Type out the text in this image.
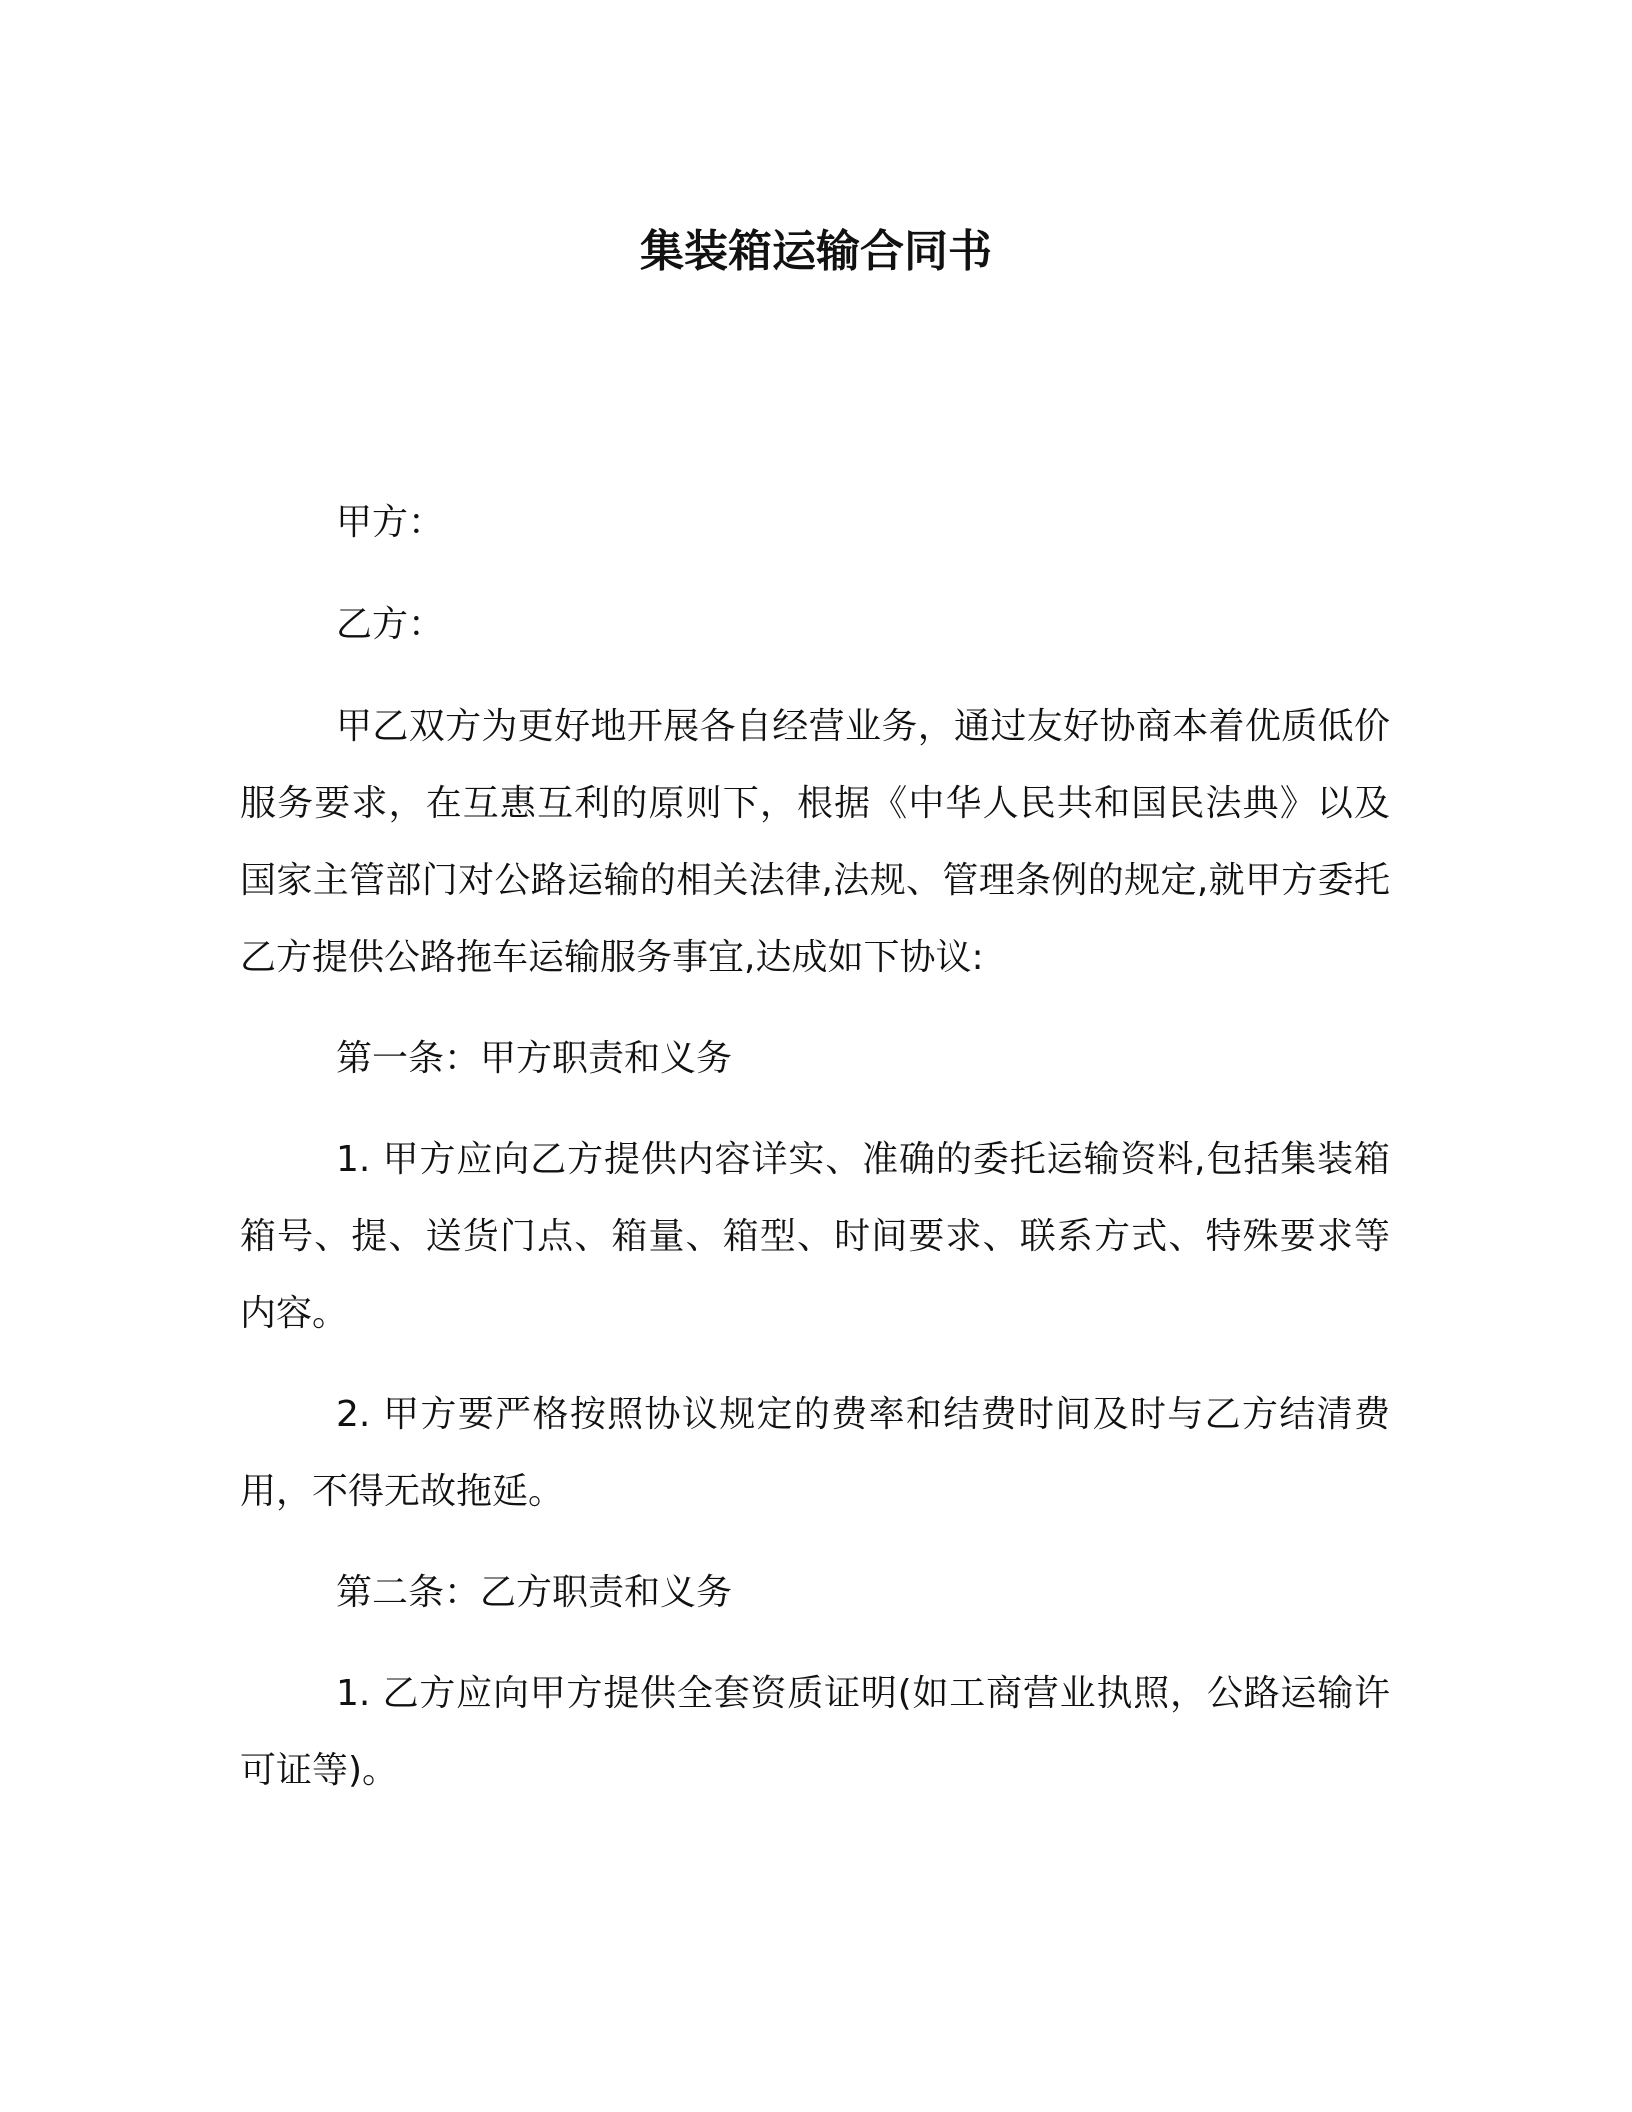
集装箱运输合同书

甲方：

乙方：

甲乙双方为更好地开展各自经营业务，通过友好协商本着优质低价服务要求，在互惠互利的原则下，根据《中华人民共和国民法典》以及国家主管部门对公路运输的相关法律,法规、管理条例的规定,就甲方委托乙方提供公路拖车运输服务事宜,达成如下协议:

第一条：甲方职责和义务

1. 甲方应向乙方提供内容详实、准确的委托运输资料,包括集装箱箱号、提、送货门点、箱量、箱型、时间要求、联系方式、特殊要求等内容。

2. 甲方要严格按照协议规定的费率和结费时间及时与乙方结清费用，不得无故拖延。

第二条：乙方职责和义务

1. 乙方应向甲方提供全套资质证明(如工商营业执照，公路运输许可证等)。
